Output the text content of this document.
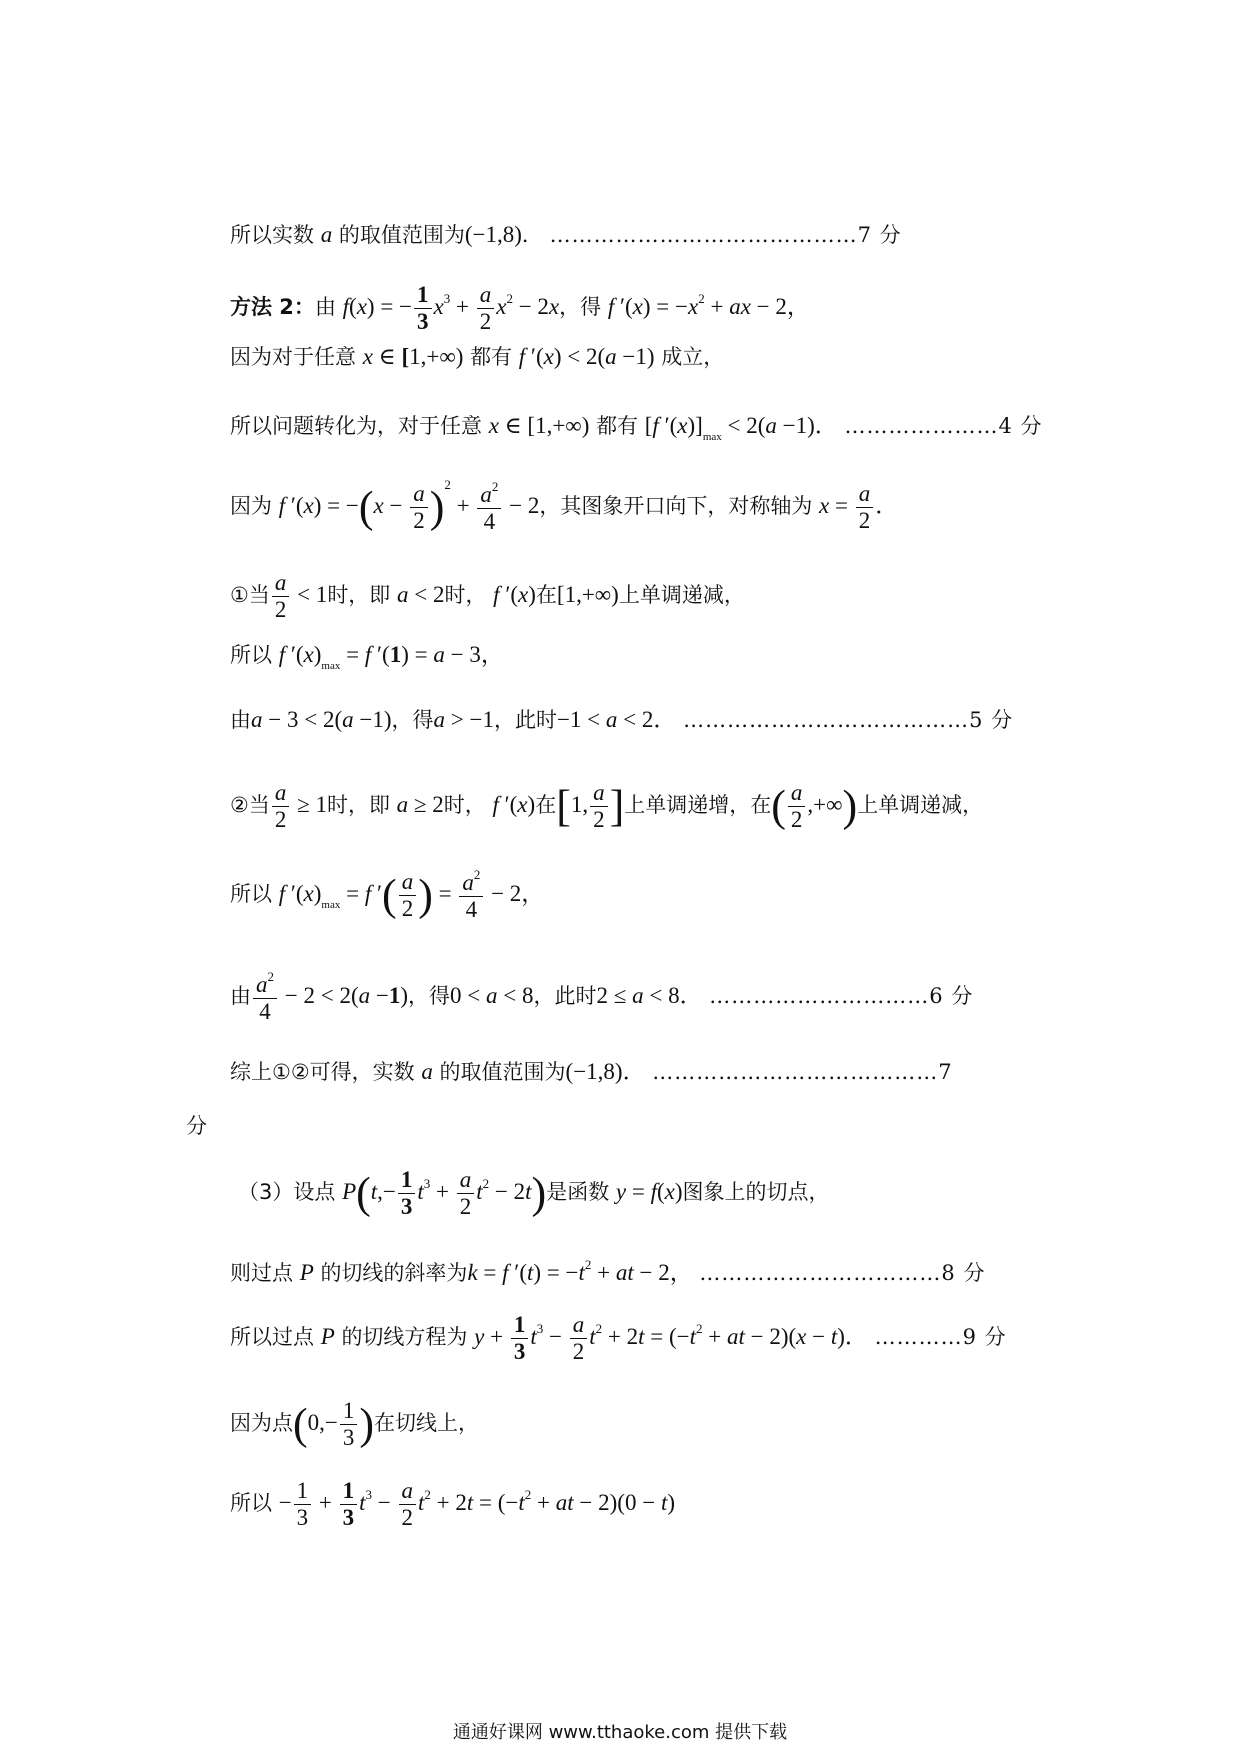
所以实数 a 的取值范围为(−1,8)． ……………………………………7 分
方法 2：由 f(x) = − $\frac{1}{3} x^3 + \frac{a}{2} x^2 - 2x$，得 f $'(x) = -x^2$ + ax − 2，
因为对于任意 x ∈ [1,+∞) 都有 f ′(x) < 2(a −1) 成立，
所以问题转化为，对于任意 x ∈ [1,+∞) 都有 [f $'(x)]_{max} < 2(a -1)$． …………………4 分
因为 f $'(x) = -(x - \frac{a}{2} )^2 + \frac{a^2}{4} - 2$，其图象开口向下，对称轴为 $x = \frac{a}{2}$ ．
①当 $\frac{a}{2} < 1$时，即 a < 2时， f ′(x)在[1,+∞)上单调递减，
所以 f $'(x)_{max} = f$ ′(1) = a − 3，
由a − 3 < 2(a −1)，得a > −1，此时−1 < a < 2． …………………………………5 分
②当 $\frac{a}{2} \ge 1$时，即 a ≥ 2时， f ′(x)在[1, $\frac{a}{2}$ ]上单调递增，在( $\frac{a}{2}$ ,+∞)上单调递减，
所以 f $'(x)_{max} = f$ ′( $\frac{a}{2}$ ) = $\frac{a^2}{4} - 2$，
由 $\frac{a^2}{4} - 2 < 2(a -1)$，得0 < a < 8，此时2 ≤ a < 8． …………………………6 分
综上①②可得，实数 a 的取值范围为(−1,8)． …………………………………7
分
（3）设点 $P(t,- \frac{1}{3} t^3 + \frac{a}{2} t^2 - 2t)$是函数 y = f(x)图象上的切点，
则过点 P 的切线的斜率为k = f $'(t) = -t^2$ + at − 2， ……………………………8 分
所以过点 P 的切线方程为 $y + \frac{1}{3} t^3 - \frac{a}{2} t^2 + 2t = (-t^2$ + at − 2)(x − t)． …………9 分
因为点($0,- \frac{1}{3}$ )在切线上，
所以 − $\frac{1}{3} + \frac{1}{3} t^3 - \frac{a}{2} t^2 + 2t = (-t^2$ + at − 2)(0 − t)
通通好课网 www.tthaoke.com 提供下载
